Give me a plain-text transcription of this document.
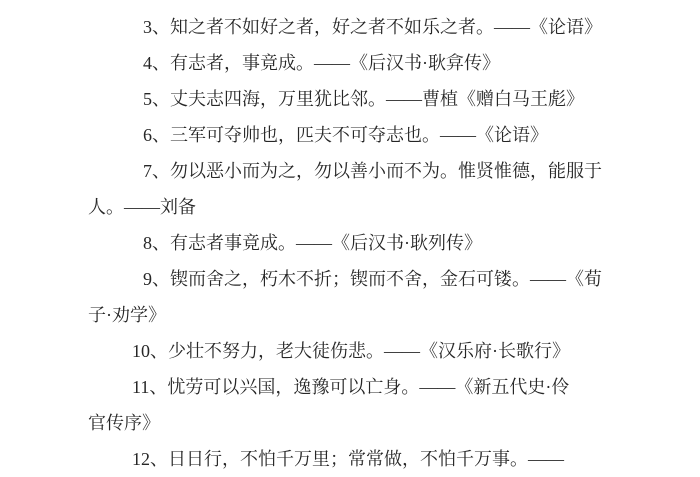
3、知之者不如好之者，好之者不如乐之者。——《论语》
4、有志者，事竟成。——《后汉书·耿弇传》
5、丈夫志四海，万里犹比邻。——曹植《赠白马王彪》
6、三军可夺帅也，匹夫不可夺志也。——《论语》
7、勿以恶小而为之，勿以善小而不为。惟贤惟德，能服于
人。——刘备
8、有志者事竟成。——《后汉书·耿列传》
9、锲而舍之，朽木不折；锲而不舍，金石可镂。——《荀
子·劝学》
10、少壮不努力，老大徒伤悲。——《汉乐府·长歌行》
11、忧劳可以兴国，逸豫可以亡身。——《新五代史·伶
官传序》
12、日日行，不怕千万里；常常做，不怕千万事。——
